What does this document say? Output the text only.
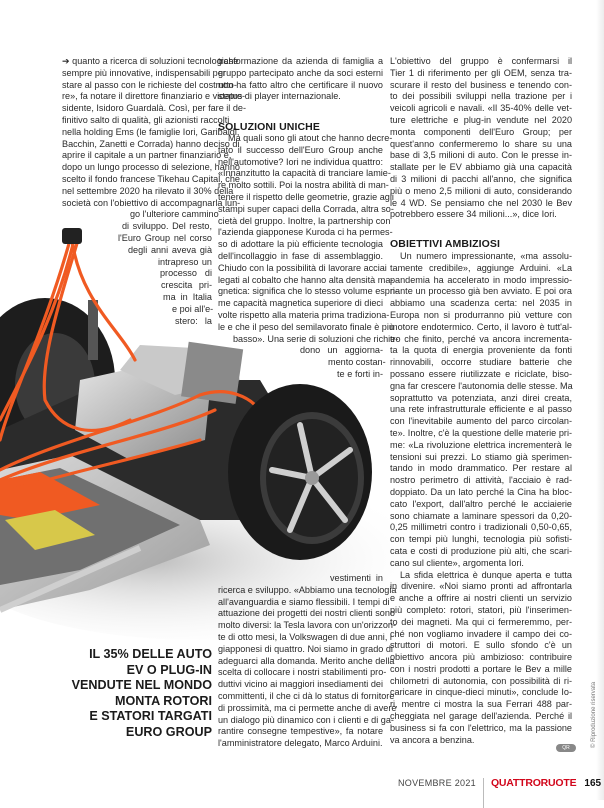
➔ quanto a ricerca di soluzioni tecnologiche
sempre più innovative, indispensabili per
stare al passo con le richieste del costrutto-
re», fa notare il direttore finanziario e vicepre-
sidente, Isidoro Guardalà. Così, per fare il de-
finitivo salto di qualità, gli azionisti raccolti
nella holding Ems (le famiglie Iori, Garibaldi,
Bacchin, Zanetti e Corrada) hanno deciso di
aprire il capitale a un partner finanziario e,
dopo un lungo processo di selezione, hanno
scelto il fondo francese Tikehau Capital, che
nel settembre 2020 ha rilevato il 30% della
società con l'obiettivo di accompagnarla lun-
go l'ulteriore cammino
di sviluppo. Del resto,
l'Euro Group nel corso
degli anni aveva già
intrapreso un
processo di
crescita pri-
ma in Italia
e poi all'e-
stero: la
trasformazione da azienda di famiglia a
gruppo partecipato anche da soci esterni
non ha fatto altro che certificare il nuovo
status di player internazionale.
SOLUZIONI UNICHE
Ma quali sono gli atout che hanno decre-
tato il successo dell'Euro Group anche
nell'automotive? Iori ne individua quattro:
«Innanzitutto la capacità di tranciare lamie-
re molto sottili. Poi la nostra abilità di man-
tenere il rispetto delle geometrie, grazie agli
stampi super capaci della Corrada, altra so-
cietà del gruppo. Inoltre, la partnership con
l'azienda giapponese Kuroda ci ha permes-
so di adottare la più efficiente tecnologia
dell'incollaggio in fase di assemblaggio.
Chiudo con la possibilità di lavorare acciai
legati al cobalto che hanno alta densità ma-
gnetica: significa che lo stesso volume espri-
me capacità magnetica superiore di dieci
volte rispetto alla materia prima tradiziona-
le e che il peso del semilavorato finale è più
basso». Una serie di soluzioni che richie-
dono un aggiorna-
mento costan-
te e forti in-
vestimenti in
ricerca e sviluppo. «Abbiamo una tecnologia
all'avanguardia e siamo flessibili. I tempi di
attuazione dei progetti dei nostri clienti sono
molto diversi: la Tesla lavora con un'orizzon-
te di otto mesi, la Volkswagen di due anni, i
giapponesi di quattro. Noi siamo in grado di
adeguarci alla domanda. Merito anche della
scelta di collocare i nostri stabilimenti pro-
duttivi vicino ai maggiori insediamenti dei
committenti, il che ci dà lo status di fornitore
di prossimità, ma ci permette anche di avere
un dialogo più dinamico con i clienti e di ga-
rantire consegne tempestive», fa notare
l'amministratore delegato, Marco Arduini.
L'obiettivo del gruppo è confermarsi il
Tier 1 di riferimento per gli OEM, senza tra-
scurare il resto del business e tenendo con-
to dei possibili sviluppi nella trazione per i
veicoli agricoli e navali. «Il 35-40% delle vet-
ture elettriche e plug-in vendute nel 2020
monta componenti dell'Euro Group; per
quest'anno confermeremo lo share su una
base di 3,5 milioni di auto. Con le presse in-
stallate per le EV abbiamo già una capacità
di 3 milioni di pacchi all'anno, che significa
più o meno 2,5 milioni di auto, considerando
le 4 WD. Se pensiamo che nel 2030 le Bev
potrebbero essere 34 milioni...», dice Iori.
OBIETTIVI AMBIZIOSI
Un numero impressionante, «ma assolu-
tamente credibile», aggiunge Arduini. «La
pandemia ha accelerato in modo impressio-
nante un processo già ben avviato. E poi ora
abbiamo una scadenza certa: nel 2035 in
Europa non si produrranno più vetture con
motore endotermico. Certo, il lavoro è tutt'al-
tro che finito, perché va ancora incrementa-
ta la quota di energia proveniente da fonti
rinnovabili, occorre studiare batterie che
possano essere riutilizzate e riciclate, biso-
gna far crescere l'autonomia delle stesse. Ma
soprattutto va potenziata, anzi direi creata,
una rete infrastrutturale efficiente e al passo
con l'inevitabile aumento del parco circolan-
te». Inoltre, c'è la questione delle materie pri-
me: «La rivoluzione elettrica incrementerà le
tensioni sui prezzi. Lo stiamo già sperimen-
tando in modo drammatico. Per restare al
nostro perimetro di attività, l'acciaio è rad-
doppiato. Da un lato perché la Cina ha bloc-
cato l'export, dall'altro perché le acciaierie
sono chiamate a laminare spessori da 0,20-
0,25 millimetri contro i tradizionali 0,50-0,65,
con tempi più lunghi, tecnologia più sofisti-
cata e costi di produzione più alti, che scari-
cano sul cliente», argomenta Iori.
La sfida elettrica è dunque aperta e tutta
in divenire. «Noi siamo pronti ad affrontarla
e anche a offrire ai nostri clienti un servizio
più completo: rotori, statori, più l'inserimen-
to dei magneti. Ma qui ci fermeremmo, per-
ché non vogliamo invadere il campo dei co-
struttori di motori. E sullo sfondo c'è un
obiettivo ancora più ambizioso: contribuire
con i nostri prodotti a portare le Bev a mille
chilometri di autonomia, con possibilità di ri-
caricare in cinque-dieci minuti», conclude Io-
ri, mentre ci mostra la sua Ferrari 488 par-
cheggiata nel garage dell'azienda. Perché il
business si fa con l'elettrico, ma la passione
va ancora a benzina.
IL 35% DELLE AUTO
EV O PLUG-IN
VENDUTE NEL MONDO
MONTA ROTORI
E STATORI TARGATI
EURO GROUP
QR	© Riproduzione riservata
NOVEMBRE 2021 QUATTRORUOTE 165
